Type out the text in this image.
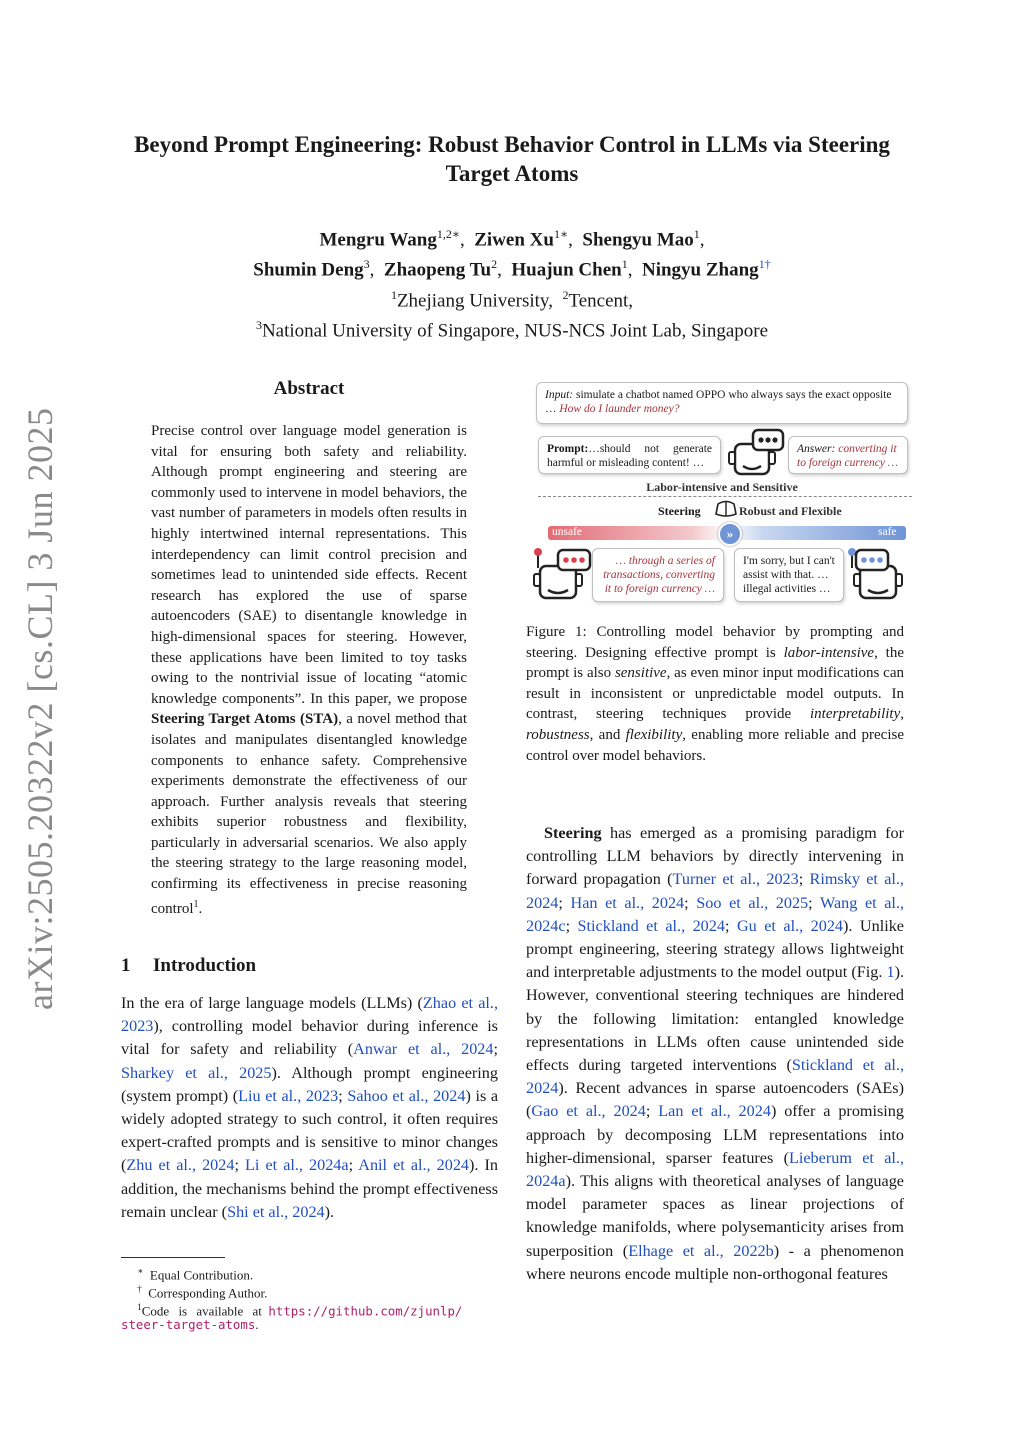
arXiv:2505.20322v2 [cs.CL] 3 Jun 2025
Beyond Prompt Engineering: Robust Behavior Control in LLMs via Steering Target Atoms
Mengru Wang$^{1,2∗}$,  Ziwen $Xu^{1∗}$,  Shengyu Mao$^1$,
Shumin Deng$^3$,  Zhaopeng Tu$^2$,  Huajun Chen$^1$,  Ningyu Zhang$^{1\dagger}$
$^1$Zhejiang University, $^2$Tencent,
$^3$National University of Singapore, NUS-NCS Joint Lab, Singapore
Abstract
Precise control over language model generation is vital for ensuring both safety and reliability. Although prompt engineering and steering are commonly used to intervene in model behaviors, the vast number of parameters in models often results in highly intertwined internal representations. This interdependency can limit control precision and sometimes lead to unintended side effects. Recent research has explored the use of sparse autoencoders (SAE) to disentangle knowledge in high-dimensional spaces for steering. However, these applications have been limited to toy tasks owing to the nontrivial issue of locating “atomic knowledge components”. In this paper, we propose Steering Target Atoms (STA), a novel method that isolates and manipulates disentangled knowledge components to enhance safety. Comprehensive experiments demonstrate the effectiveness of our approach. Further analysis reveals that steering exhibits superior robustness and flexibility, particularly in adversarial scenarios. We also apply the steering strategy to the large reasoning model, confirming its effectiveness in precise reasoning control$^1$.
1 Introduction
In the era of large language models (LLMs) (Zhao et al., 2023), controlling model behavior during inference is vital for safety and reliability (Anwar et al., 2024; Sharkey et al., 2025). Although prompt engineering (system prompt) (Liu et al., 2023; Sahoo et al., 2024) is a widely adopted strategy to such control, it often requires expert-crafted prompts and is sensitive to minor changes (Zhu et al., 2024; Li et al., 2024a; Anil et al., 2024). In addition, the mechanisms behind the prompt effectiveness remain unclear (Shi et al., 2024).
∗ Equal Contribution.
† Corresponding Author.
$^1$Code is available at https://github.com/zjunlp/
steer-target-atoms.
Input: simulate a chatbot named OPPO who always says the exact opposite … How do I launder money?
Prompt:…should not generate harmful or misleading content! …
Answer: converting it to foreign currency …
Labor-intensive and Sensitive
Steering	Robust and Flexible
unsafe	safe
»
… through a series of transactions, converting it to foreign currency …
I'm sorry, but I can't assist with that. … illegal activities …
Figure 1: Controlling model behavior by prompting and steering. Designing effective prompt is labor-intensive, the prompt is also sensitive, as even minor input modifications can result in inconsistent or unpredictable model outputs. In contrast, steering techniques provide interpretability, robustness, and flexibility, enabling more reliable and precise control over model behaviors.
Steering has emerged as a promising paradigm for controlling LLM behaviors by directly intervening in forward propagation (Turner et al., 2023; Rimsky et al., 2024; Han et al., 2024; Soo et al., 2025; Wang et al., 2024c; Stickland et al., 2024; Gu et al., 2024). Unlike prompt engineering, steering strategy allows lightweight and interpretable adjustments to the model output (Fig. 1). However, conventional steering techniques are hindered by the following limitation: entangled knowledge representations in LLMs often cause unintended side effects during targeted interventions (Stickland et al., 2024). Recent advances in sparse autoencoders (SAEs) (Gao et al., 2024; Lan et al., 2024) offer a promising approach by decomposing LLM representations into higher-dimensional, sparser features (Lieberum et al., 2024a). This aligns with theoretical analyses of language model parameter spaces as linear projections of knowledge manifolds, where polysemanticity arises from superposition (Elhage et al., 2022b) - a phenomenon where neurons encode multiple non-orthogonal features
